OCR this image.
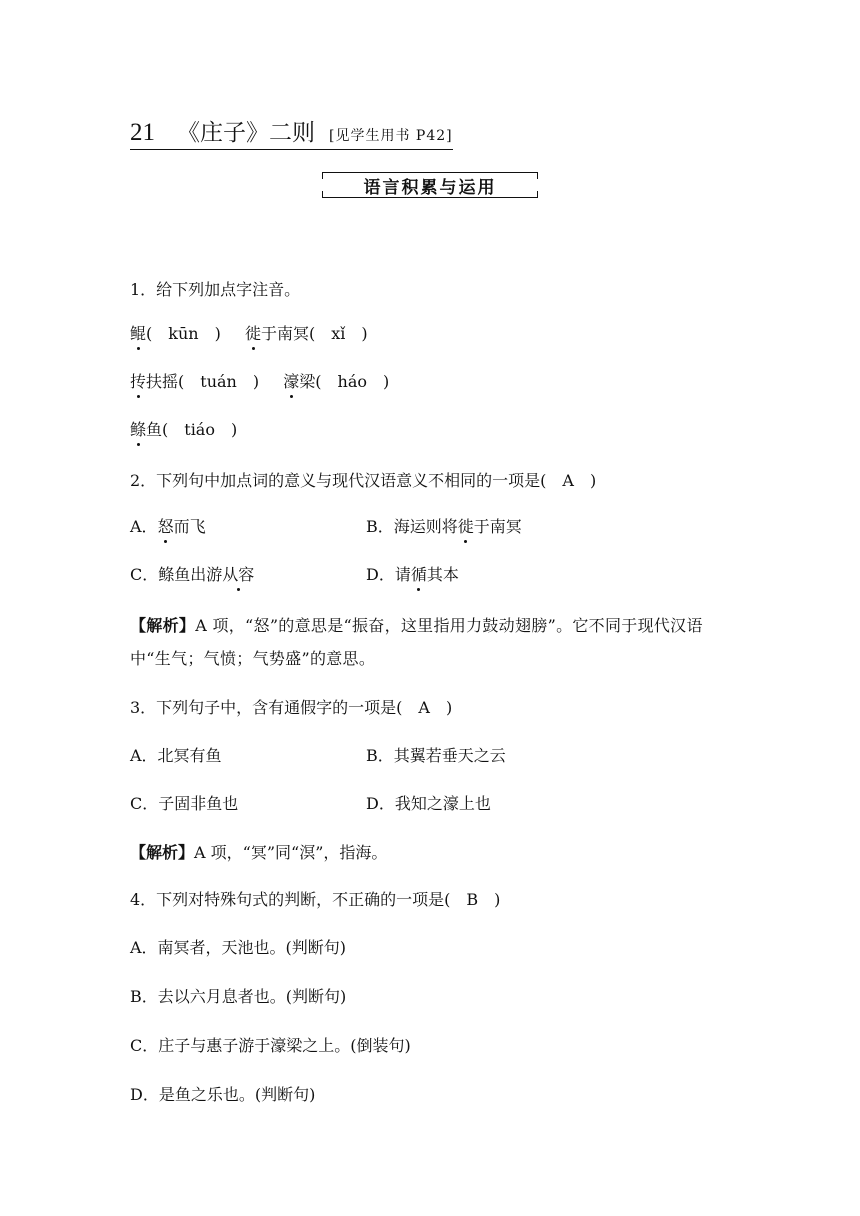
21 《庄子》二则 [见学生用书 P42]
语言积累与运用
1．给下列加点字注音。
鲲(　kūn　) 徙于南冥(　xǐ　)
抟扶摇(　tuán　) 濠梁(　háo　)
鲦鱼(　tiáo　)
2．下列句中加点词的意义与现代汉语意义不相同的一项是(　A　)
A．怒而飞	B．海运则将徙于南冥
C．鲦鱼出游从容	D．请循其本
【解析】A 项，“怒”的意思是“振奋，这里指用力鼓动翅膀”。它不同于现代汉语中“生气；气愤；气势盛”的意思。
3．下列句子中，含有通假字的一项是(　A　)
A．北冥有鱼	B．其翼若垂天之云
C．子固非鱼也	D．我知之濠上也
【解析】A 项，“冥”同“溟”，指海。
4．下列对特殊句式的判断，不正确的一项是(　B　)
A．南冥者，天池也。(判断句)
B．去以六月息者也。(判断句)
C．庄子与惠子游于濠梁之上。(倒装句)
D．是鱼之乐也。(判断句)
